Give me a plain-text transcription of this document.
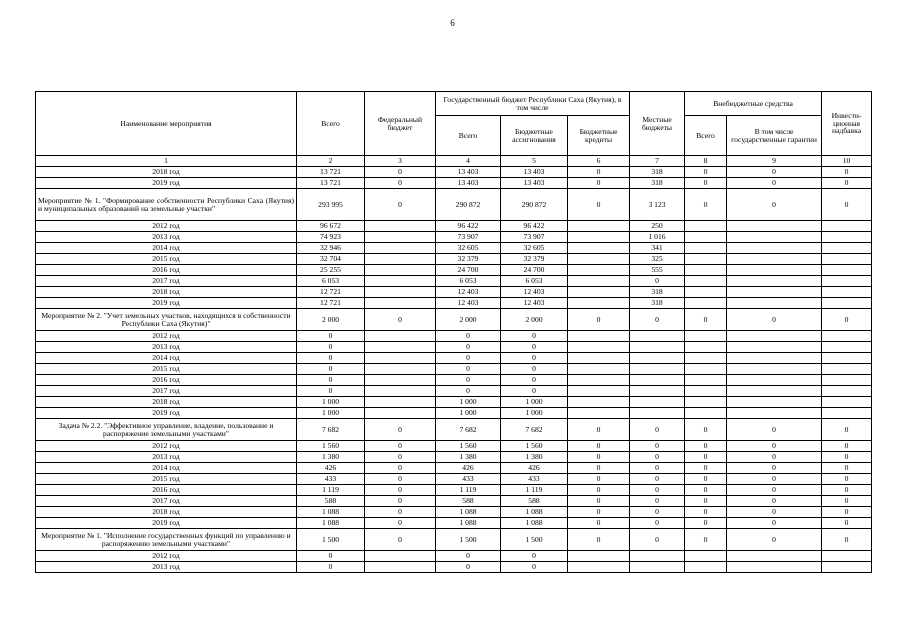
6
Наименование мероприятия	Всего	Федеральный бюджет	Государственный бюджет Республики Саха (Якутия), в том числе			Местные бюджеты	Внебюджетные средства		Инвести-ционная надбавка
			Всего	Бюджетные ассигнования	Бюджетные кредиты		Всего	В том числе государственные гарантии	
1	2	3	4	5	6	7	8	9	10
2018 год	13 721	0	13 403	13 403	0	318	0	0	0
2019 год	13 721	0	13 403	13 403	0	318	0	0	0
Мероприятие № 1. "Формирование собственности Республики Саха (Якутия) и муниципальных образований на земельные участки"	293 995	0	290 872	290 872	0	3 123	0	0	0
2012 год	96 672		96 422	96 422		250			
2013 год	74 923		73 907	73 907		1 016			
2014 год	32 946		32 605	32 605		341			
2015 год	32 704		32 379	32 379		325			
2016 год	25 255		24 700	24 700		555			
2017 год	6 053		6 053	6 053		0			
2018 год	12 721		12 403	12 403		318			
2019 год	12 721		12 403	12 403		318			
Мероприятие № 2. "Учет земельных участков, находящихся в собственности Республики Саха (Якутия)"	2 000	0	2 000	2 000	0	0	0	0	0
2012 год	0		0	0					
2013 год	0		0	0					
2014 год	0		0	0					
2015 год	0		0	0					
2016 год	0		0	0					
2017 год	0		0	0					
2018 год	1 000		1 000	1 000					
2019 год	1 000		1 000	1 000					
Задача № 2.2. "Эффективное управление, владение, пользование и распоряжение земельными участками"	7 682	0	7 682	7 682	0	0	0	0	0
2012 год	1 560	0	1 560	1 560	0	0	0	0	0
2013 год	1 380	0	1 380	1 380	0	0	0	0	0
2014 год	426	0	426	426	0	0	0	0	0
2015 год	433	0	433	433	0	0	0	0	0
2016 год	1 119	0	1 119	1 119	0	0	0	0	0
2017 год	588	0	588	588	0	0	0	0	0
2018 год	1 088	0	1 088	1 088	0	0	0	0	0
2019 год	1 088	0	1 088	1 088	0	0	0	0	0
Мероприятие № 1. "Исполнение государственных функций по управлению и распоряжению земельными участками"	1 500	0	1 500	1 500	0	0	0	0	0
2012 год	0		0	0					
2013 год	0		0	0					
